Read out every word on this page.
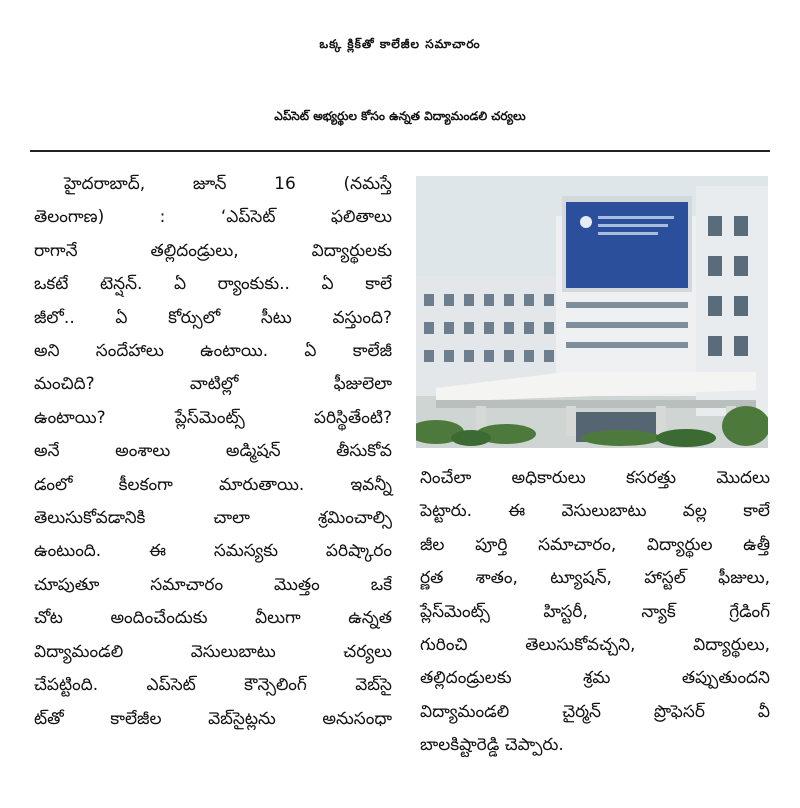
ఒక్క క్లిక్‌తో కాలేజీల సమాచారం
ఎప్‌సెట్ అభ్యర్థుల కోసం ఉన్నత విద్యామండలి చర్యలు
హైదరాబాద్, జూన్ 16 (నమస్తే
తెలంగాణ) : ‘ఎప్‌సెట్ ఫలితాలు
రాగానే తల్లిదండ్రులు, విద్యార్థులకు
ఒకటే టెన్షన్. ఏ ర్యాంకుకు.. ఏ కాలే
జీలో.. ఏ కోర్సులో సీటు వస్తుంది?
అని సందేహాలు ఉంటాయి. ఏ కాలేజీ
మంచిది? వాటిల్లో ఫీజులెలా
ఉంటాయి? ప్లేస్‌మెంట్స్ పరిస్థితేంటి?
అనే అంశాలు అడ్మిషన్ తీసుకోవ
డంలో కీలకంగా మారుతాయి. ఇవన్నీ
తెలుసుకోవడానికి చాలా శ్రమించాల్సి
ఉంటుంది. ఈ సమస్యకు పరిష్కారం
చూపుతూ సమాచారం మొత్తం ఒకే
చోట అందించేందుకు వీలుగా ఉన్నత
విద్యామండలి వెసులుబాటు చర్యలు
చేపట్టింది. ఎప్‌సెట్ కౌన్సెలింగ్ వెబ్‌సై
ట్‌తో కాలేజీల వెబ్‌సైట్లను అనుసంధా
నించేలా అధికారులు కసరత్తు మొదలు
పెట్టారు. ఈ వెసులుబాటు వల్ల కాలే
జీల పూర్తి సమాచారం, విద్యార్థుల ఉత్తీ
ర్ణత శాతం, ట్యూషన్, హాస్టల్ ఫీజులు,
ప్లేస్‌మెంట్స్ హిస్టరీ, న్యాక్ గ్రేడింగ్
గురించి తెలుసుకోవచ్చని, విద్యార్థులు,
తల్లిదండ్రులకు శ్రమ తప్పుతుందని
విద్యామండలి చైర్మన్ ప్రొఫెసర్ వీ
బాలకిష్టారెడ్డి చెప్పారు.
